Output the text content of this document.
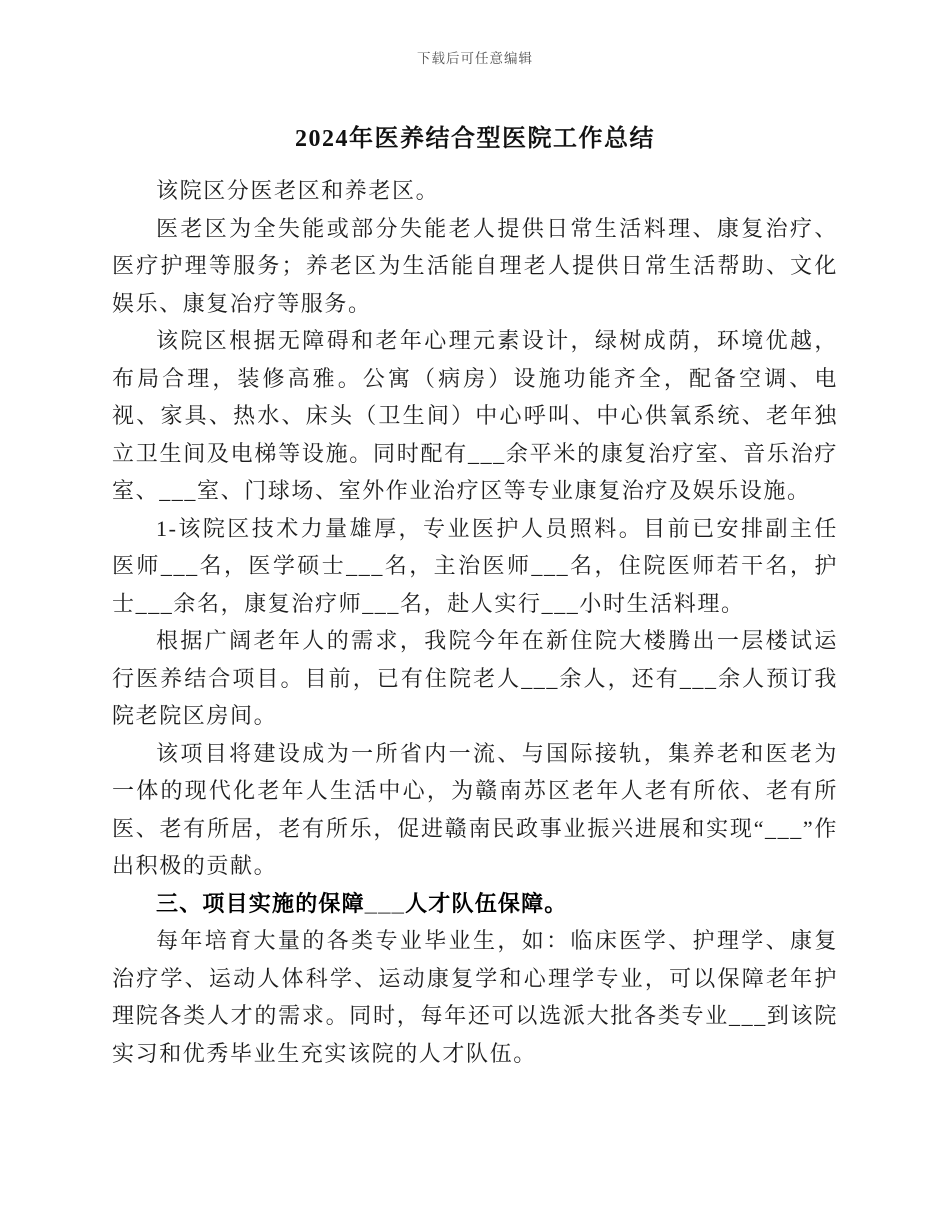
下载后可任意编辑
2024年医养结合型医院工作总结

该院区分医老区和养老区。

医老区为全失能或部分失能老人提供日常生活料理、康复治疗、医疗护理等服务；养老区为生活能自理老人提供日常生活帮助、文化娱乐、康复冶疗等服务。

该院区根据无障碍和老年心理元素设计，绿树成荫，环境优越，布局合理，装修高雅。公寓（病房）设施功能齐全，配备空调、电视、家具、热水、床头（卫生间）中心呼叫、中心供氧系统、老年独立卫生间及电梯等设施。同时配有___余平米的康复治疗室、音乐治疗室、___室、门球场、室外作业治疗区等专业康复治疗及娱乐设施。

1-该院区技术力量雄厚，专业医护人员照料。目前已安排副主任医师___名，医学硕士___名，主治医师___名，住院医师若干名，护士___余名，康复治疗师___名，赴人实行___小时生活料理。

根据广阔老年人的需求，我院今年在新住院大楼腾出一层楼试运行医养结合项目。目前，已有住院老人___余人，还有___余人预订我院老院区房间。

该项目将建设成为一所省内一流、与国际接轨，集养老和医老为一体的现代化老年人生活中心，为赣南苏区老年人老有所依、老有所医、老有所居，老有所乐，促进赣南民政事业振兴进展和实现“___”作出积极的贡献。

三、项目实施的保障___人才队伍保障。

每年培育大量的各类专业毕业生，如：临床医学、护理学、康复治疗学、运动人体科学、运动康复学和心理学专业，可以保障老年护理院各类人才的需求。同时，每年还可以选派大批各类专业___到该院实习和优秀毕业生充实该院的人才队伍。
